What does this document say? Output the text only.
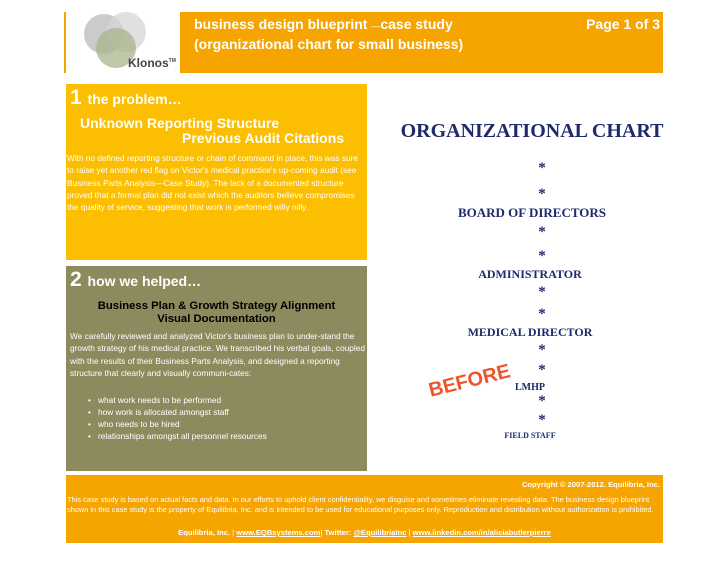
Klonos™
business design blueprint —case study
(organizational chart for small business)
Page 1 of 3
1 the problem…
Unknown Reporting Structure
Previous Audit Citations
With no defined reporting structure or chain of command in place, this was sure to raise yet another red flag on Victor's medical practice's up-coming audit (see Business Parts Analysis—Case Study). The lack of a documented structure proved that a formal plan did not exist which the auditors believe compromises the quality of service, suggesting that work is performed willy nilly.
2 how we helped…
Business Plan & Growth Strategy Alignment
Visual Documentation
We carefully reviewed and analyzed Victor's business plan to under-stand the growth strategy of his medical practice. We transcribed his verbal goals, coupled with the results of their Business Parts Analysis, and designed a reporting structure that clearly and visually communi-cates:
• what work needs to be performed
• how work is allocated amongst staff
• who needs to be hired
• relationships amongst all personnel resources
ORGANIZATIONAL CHART
*
*
BOARD OF DIRECTORS
*
*
ADMINISTRATOR
*
*
MEDICAL DIRECTOR
*
*
LMHP
*
*
FIELD STAFF
BEFORE
Copyright © 2007-2012. Equilibria, Inc.
This case study is based on actual facts and data. In our efforts to uphold client confidentiality, we disguise and sometimes eliminate revealing data. The business design blueprint shown in this case study is the property of Equilibria, Inc. and is intended to be used for educational purposes only. Reproduction and distribution without authorization is prohibited.
Equilibria, Inc. | www.EQBsystems.com| Twitter: @EquilibriaInc | www.linkedin.com/in/aliciabutlerpierre
